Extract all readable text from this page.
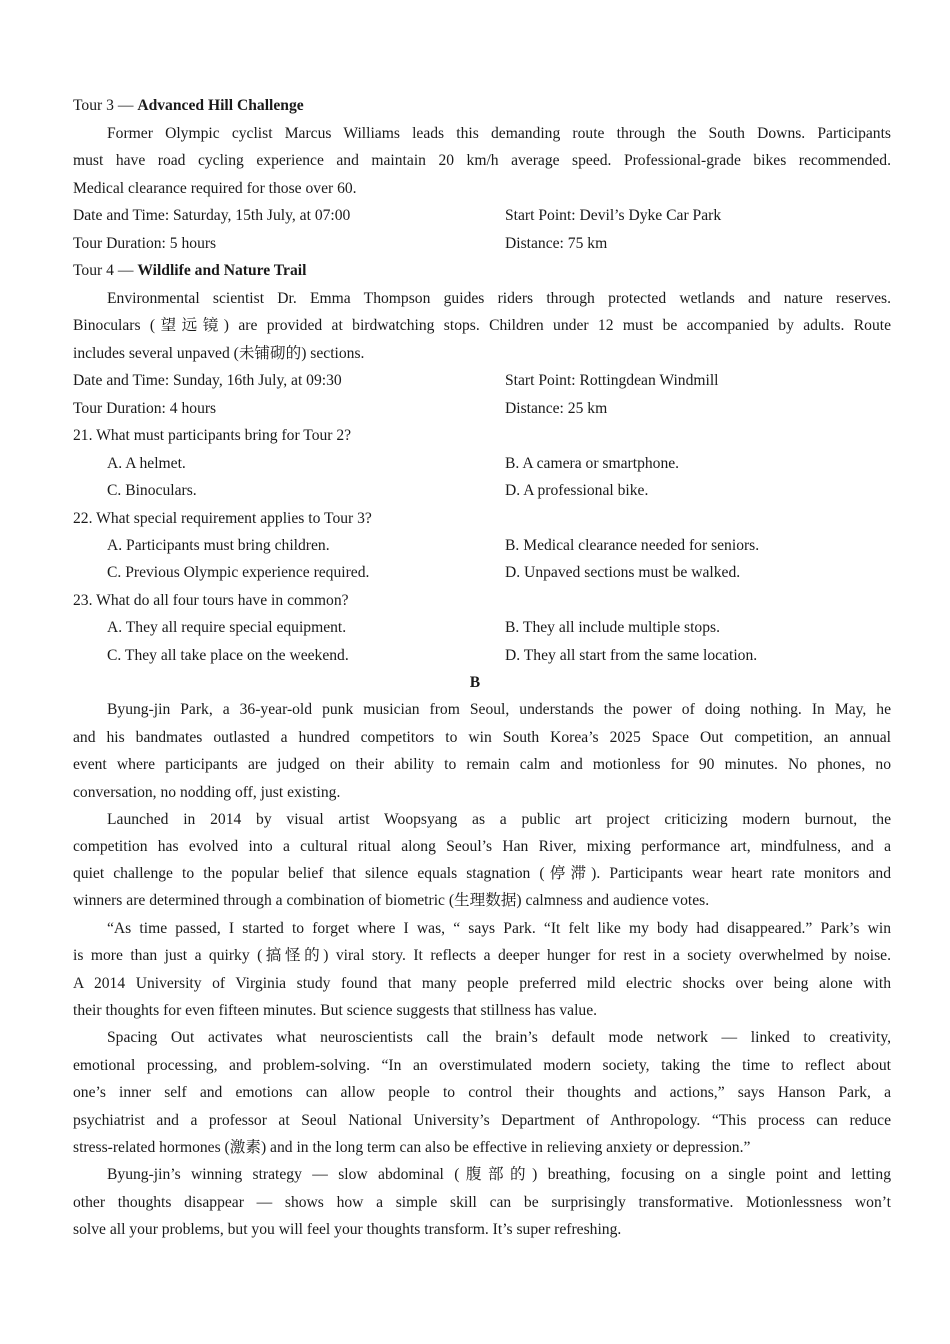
Tour 3 — Advanced Hill Challenge
Former Olympic cyclist Marcus Williams leads this demanding route through the South Downs. Participants
must have road cycling experience and maintain 20 km/h average speed. Professional-grade bikes recommended.
Medical clearance required for those over 60.
Date and Time: Saturday, 15th July, at 07:00	Start Point: Devil’s Dyke Car Park
Tour Duration: 5 hours	Distance: 75 km
Tour 4 — Wildlife and Nature Trail
Environmental scientist Dr. Emma Thompson guides riders through protected wetlands and nature reserves.
Binoculars (望远镜) are provided at birdwatching stops. Children under 12 must be accompanied by adults. Route
includes several unpaved (未铺砌的) sections.
Date and Time: Sunday, 16th July, at 09:30	Start Point: Rottingdean Windmill
Tour Duration: 4 hours	Distance: 25 km
21. What must participants bring for Tour 2?
A. A helmet.	B. A camera or smartphone.
C. Binoculars.	D. A professional bike.
22. What special requirement applies to Tour 3?
A. Participants must bring children.	B. Medical clearance needed for seniors.
C. Previous Olympic experience required.	D. Unpaved sections must be walked.
23. What do all four tours have in common?
A. They all require special equipment.	B. They all include multiple stops.
C. They all take place on the weekend.	D. They all start from the same location.
B
Byung-jin Park, a 36-year-old punk musician from Seoul, understands the power of doing nothing. In May, he
and his bandmates outlasted a hundred competitors to win South Korea’s 2025 Space Out competition, an annual
event where participants are judged on their ability to remain calm and motionless for 90 minutes. No phones, no
conversation, no nodding off, just existing.
Launched in 2014 by visual artist Woopsyang as a public art project criticizing modern burnout, the
competition has evolved into a cultural ritual along Seoul’s Han River, mixing performance art, mindfulness, and a
quiet challenge to the popular belief that silence equals stagnation (停滞). Participants wear heart rate monitors and
winners are determined through a combination of biometric (生理数据) calmness and audience votes.
“As time passed, I started to forget where I was, “ says Park. “It felt like my body had disappeared.” Park’s win
is more than just a quirky (搞怪的) viral story. It reflects a deeper hunger for rest in a society overwhelmed by noise.
A 2014 University of Virginia study found that many people preferred mild electric shocks over being alone with
their thoughts for even fifteen minutes. But science suggests that stillness has value.
Spacing Out activates what neuroscientists call the brain’s default mode network — linked to creativity,
emotional processing, and problem-solving. “In an overstimulated modern society, taking the time to reflect about
one’s inner self and emotions can allow people to control their thoughts and actions,” says Hanson Park, a
psychiatrist and a professor at Seoul National University’s Department of Anthropology. “This process can reduce
stress-related hormones (激素) and in the long term can also be effective in relieving anxiety or depression.”
Byung-jin’s winning strategy — slow abdominal (腹部的) breathing, focusing on a single point and letting
other thoughts disappear — shows how a simple skill can be surprisingly transformative. Motionlessness won’t
solve all your problems, but you will feel your thoughts transform. It’s super refreshing.
